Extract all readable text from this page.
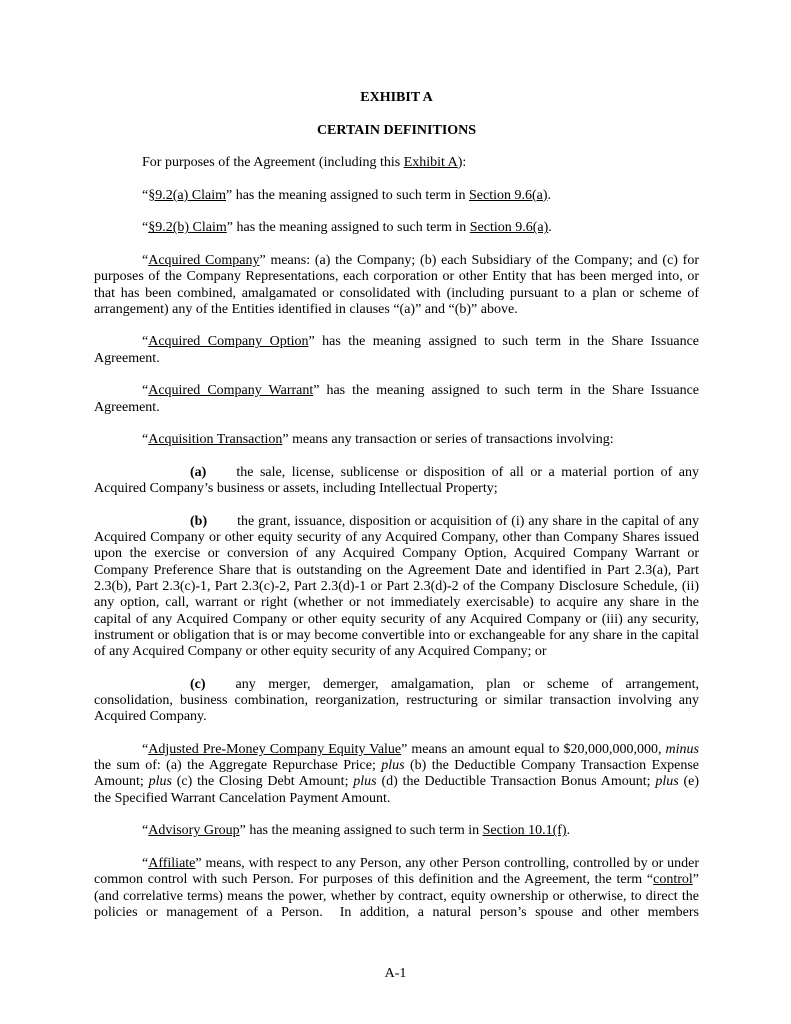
EXHIBIT A

CERTAIN DEFINITIONS

For purposes of the Agreement (including this Exhibit A):

“§9.2(a) Claim” has the meaning assigned to such term in Section 9.6(a).

“§9.2(b) Claim” has the meaning assigned to such term in Section 9.6(a).

“Acquired Company” means: (a) the Company; (b) each Subsidiary of the Company; and (c) for purposes of the Company Representations, each corporation or other Entity that has been merged into, or that has been combined, amalgamated or consolidated with (including pursuant to a plan or scheme of arrangement) any of the Entities identified in clauses “(a)” and “(b)” above.

“Acquired Company Option” has the meaning assigned to such term in the Share Issuance Agreement.

“Acquired Company Warrant” has the meaning assigned to such term in the Share Issuance Agreement.

“Acquisition Transaction” means any transaction or series of transactions involving:

(a) the sale, license, sublicense or disposition of all or a material portion of any Acquired Company’s business or assets, including Intellectual Property;

(b) the grant, issuance, disposition or acquisition of (i) any share in the capital of any Acquired Company or other equity security of any Acquired Company, other than Company Shares issued upon the exercise or conversion of any Acquired Company Option, Acquired Company Warrant or Company Preference Share that is outstanding on the Agreement Date and identified in Part 2.3(a), Part 2.3(b), Part 2.3(c)-1, Part 2.3(c)-2, Part 2.3(d)-1 or Part 2.3(d)-2 of the Company Disclosure Schedule, (ii) any option, call, warrant or right (whether or not immediately exercisable) to acquire any share in the capital of any Acquired Company or other equity security of any Acquired Company or (iii) any security, instrument or obligation that is or may become convertible into or exchangeable for any share in the capital of any Acquired Company or other equity security of any Acquired Company; or

(c) any merger, demerger, amalgamation, plan or scheme of arrangement, consolidation, business combination, reorganization, restructuring or similar transaction involving any Acquired Company.

“Adjusted Pre-Money Company Equity Value” means an amount equal to $20,000,000,000, minus the sum of: (a) the Aggregate Repurchase Price; plus (b) the Deductible Company Transaction Expense Amount; plus (c) the Closing Debt Amount; plus (d) the Deductible Transaction Bonus Amount; plus (e) the Specified Warrant Cancelation Payment Amount.

“Advisory Group” has the meaning assigned to such term in Section 10.1(f).

“Affiliate” means, with respect to any Person, any other Person controlling, controlled by or under common control with such Person. For purposes of this definition and the Agreement, the term “control” (and correlative terms) means the power, whether by contract, equity ownership or otherwise, to direct the policies or management of a Person.  In addition, a natural person’s spouse and other members

A-1
